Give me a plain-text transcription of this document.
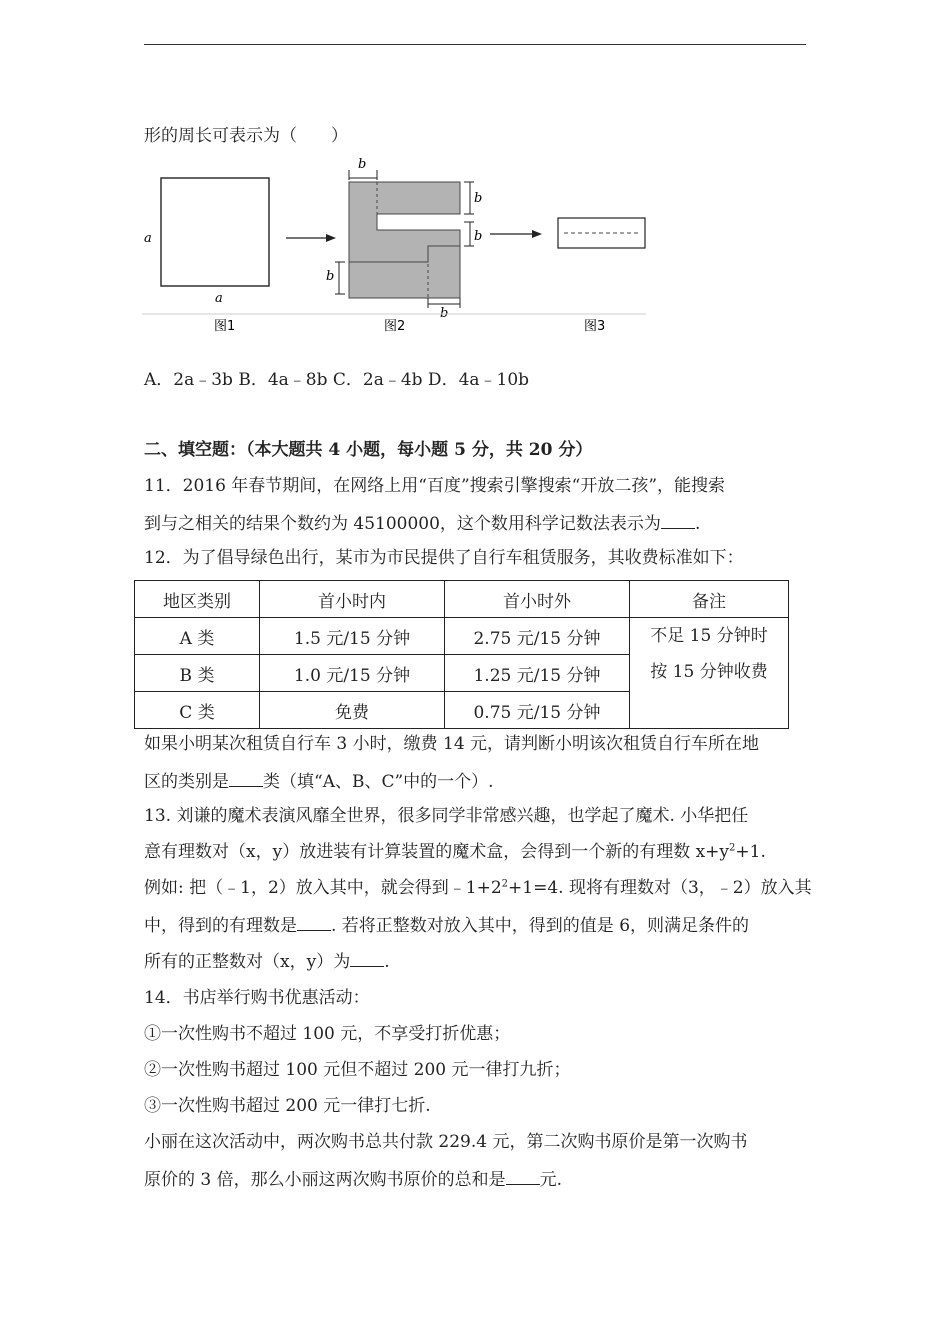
形的周长可表示为（　　）
a
a
图1
b
b
b
b
b
图2	图3
A．2a﹣3b B．4a﹣8b C．2a﹣4b D．4a﹣10b
二、填空题：（本大题共 4 小题，每小题 5 分，共 20 分）
11．2016 年春节期间，在网络上用“百度”搜索引擎搜索“开放二孩”，能搜索
到与之相关的结果个数约为 45100000，这个数用科学记数法表示为 .
12．为了倡导绿色出行，某市为市民提供了自行车租赁服务，其收费标准如下：
地区类别	首小时内	首小时外	备注
A 类	1.5 元/15 分钟	2.75 元/15 分钟	不足 15 分钟时
按 15 分钟收费

B 类	1.0 元/15 分钟	1.25 元/15 分钟	
C 类	免费	0.75 元/15 分钟	
如果小明某次租赁自行车 3 小时，缴费 14 元，请判断小明该次租赁自行车所在地
区的类别是 类（填“A、B、C”中的一个）.
13. 刘谦的魔术表演风靡全世界，很多同学非常感兴趣，也学起了魔术. 小华把任
意有理数对（x，y）放进装有计算装置的魔术盒，会得到一个新的有理数 $x+y^2+1$.
例如: 把（﹣1，2）放入其中，就会得到$﹣1+2^2+1=4$. 现将有理数对（3，﹣2）放入其
中，得到的有理数是 . 若将正整数对放入其中，得到的值是 6，则满足条件的
所有的正整数对（x，y）为 .
14．书店举行购书优惠活动：
①一次性购书不超过 100 元，不享受打折优惠；
②一次性购书超过 100 元但不超过 200 元一律打九折；
③一次性购书超过 200 元一律打七折.
小丽在这次活动中，两次购书总共付款 229.4 元，第二次购书原价是第一次购书
原价的 3 倍，那么小丽这两次购书原价的总和是 元.
